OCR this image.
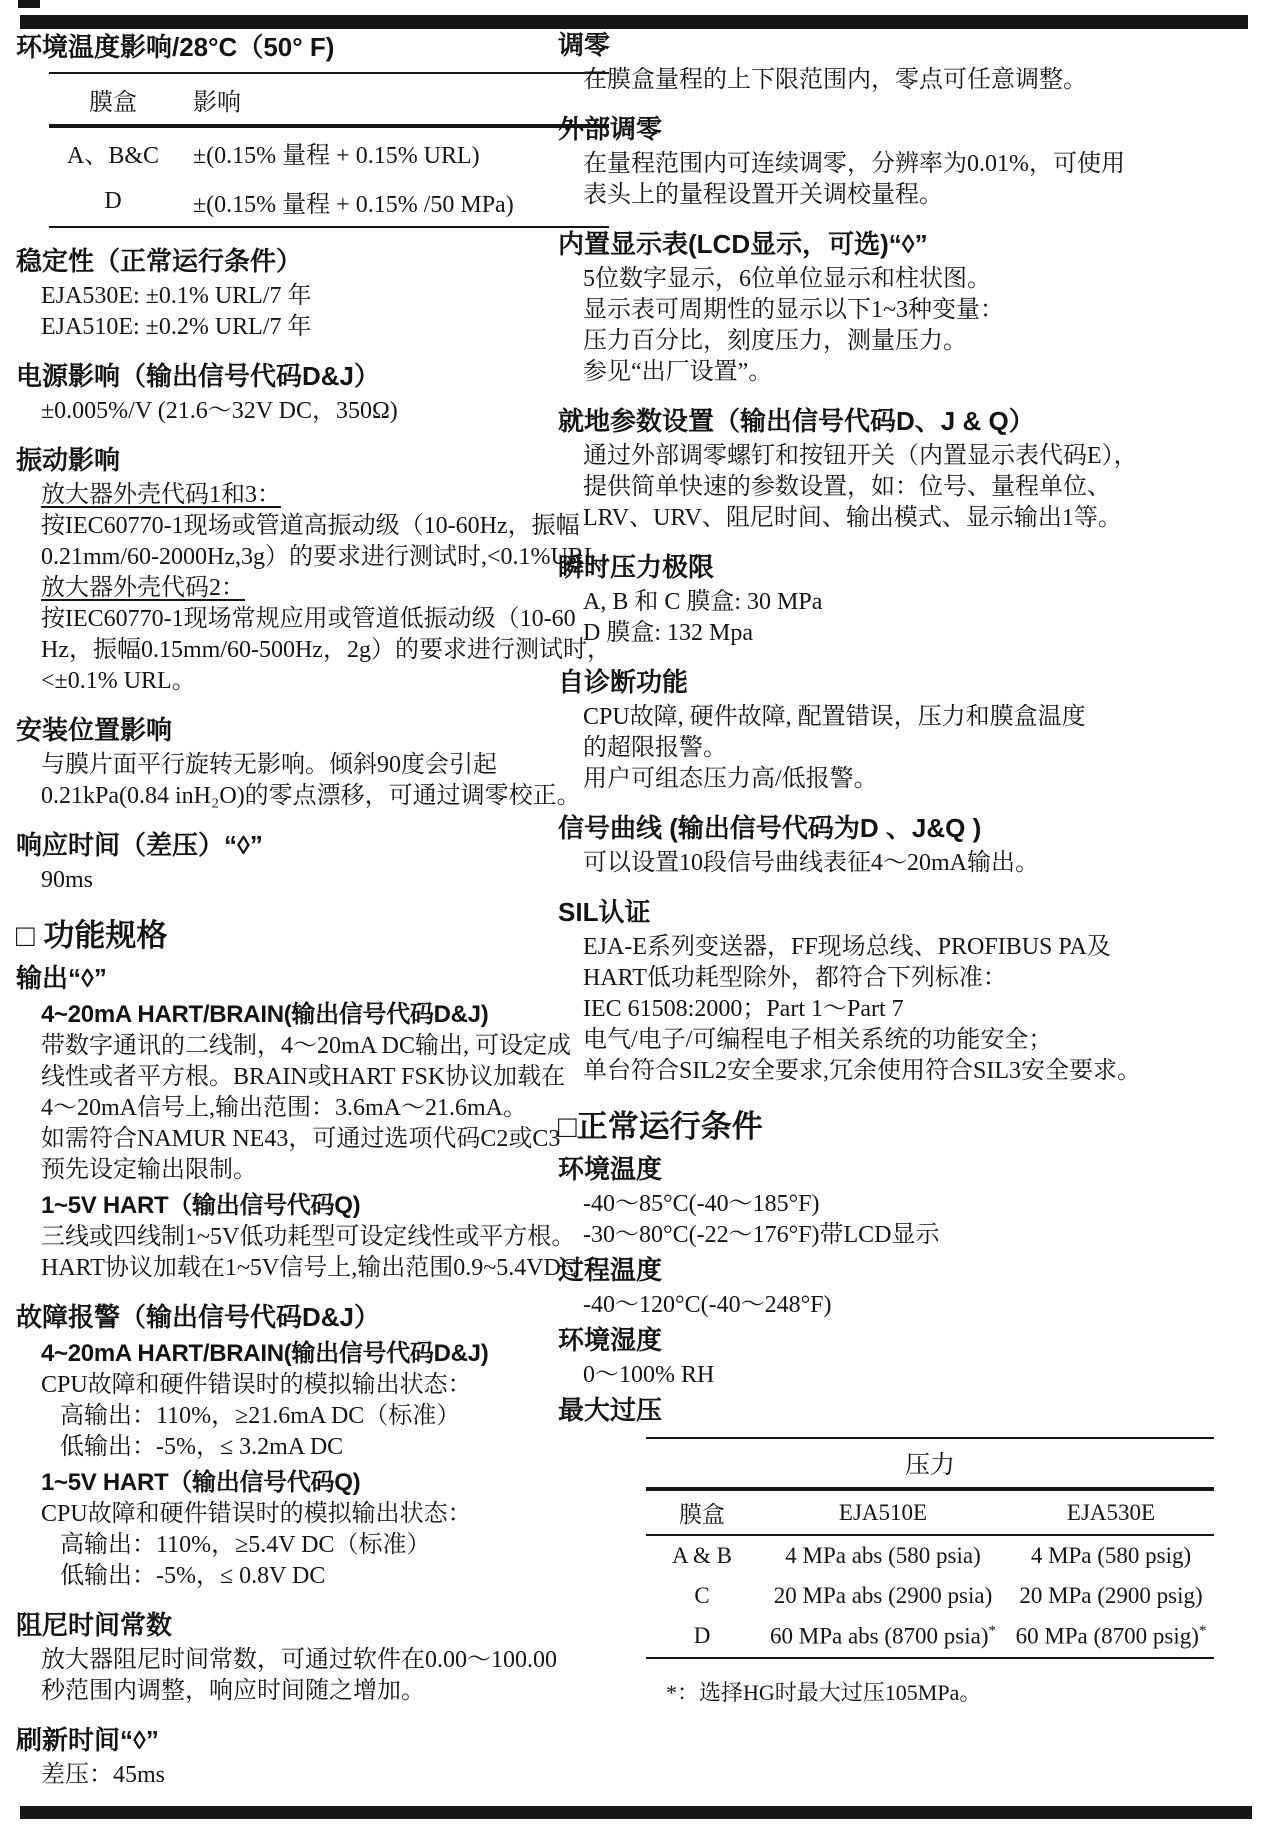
环境温度影响/28°C（50° F)

膜盒	影响
A、B&C	±(0.15% 量程 + 0.15% URL)
D	±(0.15% 量程 + 0.15% /50 MPa)

稳定性（正常运行条件）

EJA530E: ±0.1% URL/7 年

EJA510E: ±0.2% URL/7 年

电源影响（输出信号代码D&J）

±0.005%/V (21.6～32V DC，350Ω)

振动影响

放大器外壳代码1和3：

按IEC60770-1现场或管道高振动级（10-60Hz，振幅

0.21mm/60-2000Hz,3g）的要求进行测试时,<0.1%URL。

放大器外壳代码2：

按IEC60770-1现场常规应用或管道低振动级（10-60

Hz，振幅0.15mm/60-500Hz，2g）的要求进行测试时，

<±0.1% URL。

安装位置影响

与膜片面平行旋转无影响。倾斜90度会引起

0.21kPa(0.84 inH₂O)的零点漂移，可通过调零校正。

响应时间（差压）“◊”

90ms

□ 功能规格

输出“◊”

4~20mA HART/BRAIN(输出信号代码D&J)

带数字通讯的二线制，4～20mA DC输出, 可设定成

线性或者平方根。BRAIN或HART FSK协议加载在

4～20mA信号上,输出范围：3.6mA～21.6mA。

如需符合NAMUR NE43，可通过选项代码C2或C3

预先设定输出限制。

1~5V HART（输出信号代码Q)

三线或四线制1~5V低功耗型可设定线性或平方根。

HART协议加载在1~5V信号上,输出范围0.9~5.4VDC

故障报警（输出信号代码D&J）

4~20mA HART/BRAIN(输出信号代码D&J)

CPU故障和硬件错误时的模拟输出状态：

高输出：110%，≥21.6mA DC（标准）

低输出：-5%，≤ 3.2mA DC

1~5V HART（输出信号代码Q)

CPU故障和硬件错误时的模拟输出状态：

高输出：110%，≥5.4V DC（标准）

低输出：-5%，≤ 0.8V DC

阻尼时间常数

放大器阻尼时间常数，可通过软件在0.00～100.00

秒范围内调整，响应时间随之增加。

刷新时间“◊”

差压：45ms

调零

在膜盒量程的上下限范围内，零点可任意调整。

外部调零

在量程范围内可连续调零，分辨率为0.01%，可使用

表头上的量程设置开关调校量程。

内置显示表(LCD显示，可选)“◊”

5位数字显示，6位单位显示和柱状图。

显示表可周期性的显示以下1~3种变量：

压力百分比，刻度压力，测量压力。

参见“出厂设置”。

就地参数设置（输出信号代码D、J & Q）

通过外部调零螺钉和按钮开关（内置显示表代码E），

提供简单快速的参数设置，如：位号、量程单位、

LRV、URV、阻尼时间、输出模式、显示输出1等。

瞬时压力极限

A, B 和 C 膜盒: 30 MPa

D 膜盒: 132 Mpa

自诊断功能

CPU故障, 硬件故障, 配置错误，压力和膜盒温度

的超限报警。

用户可组态压力高/低报警。

信号曲线 (输出信号代码为D 、J&Q )

可以设置10段信号曲线表征4～20mA输出。

SIL认证

EJA-E系列变送器，FF现场总线、PROFIBUS PA及

HART低功耗型除外，都符合下列标准：

IEC 61508:2000；Part 1～Part 7

电气/电子/可编程电子相关系统的功能安全；

单台符合SIL2安全要求,冗余使用符合SIL3安全要求。

□正常运行条件

环境温度

-40～85°C(-40～185°F)

-30～80°C(-22～176°F)带LCD显示

过程温度

-40～120°C(-40～248°F)

环境湿度

0～100% RH

最大过压

压力		
膜盒	EJA510E	EJA530E
A & B	4 MPa abs (580 psia)	4 MPa (580 psig)
C	20 MPa abs (2900 psia)	20 MPa (2900 psig)
D	60 MPa abs (8700 psia)*	60 MPa (8700 psig)*

*：选择HG时最大过压105MPa。
